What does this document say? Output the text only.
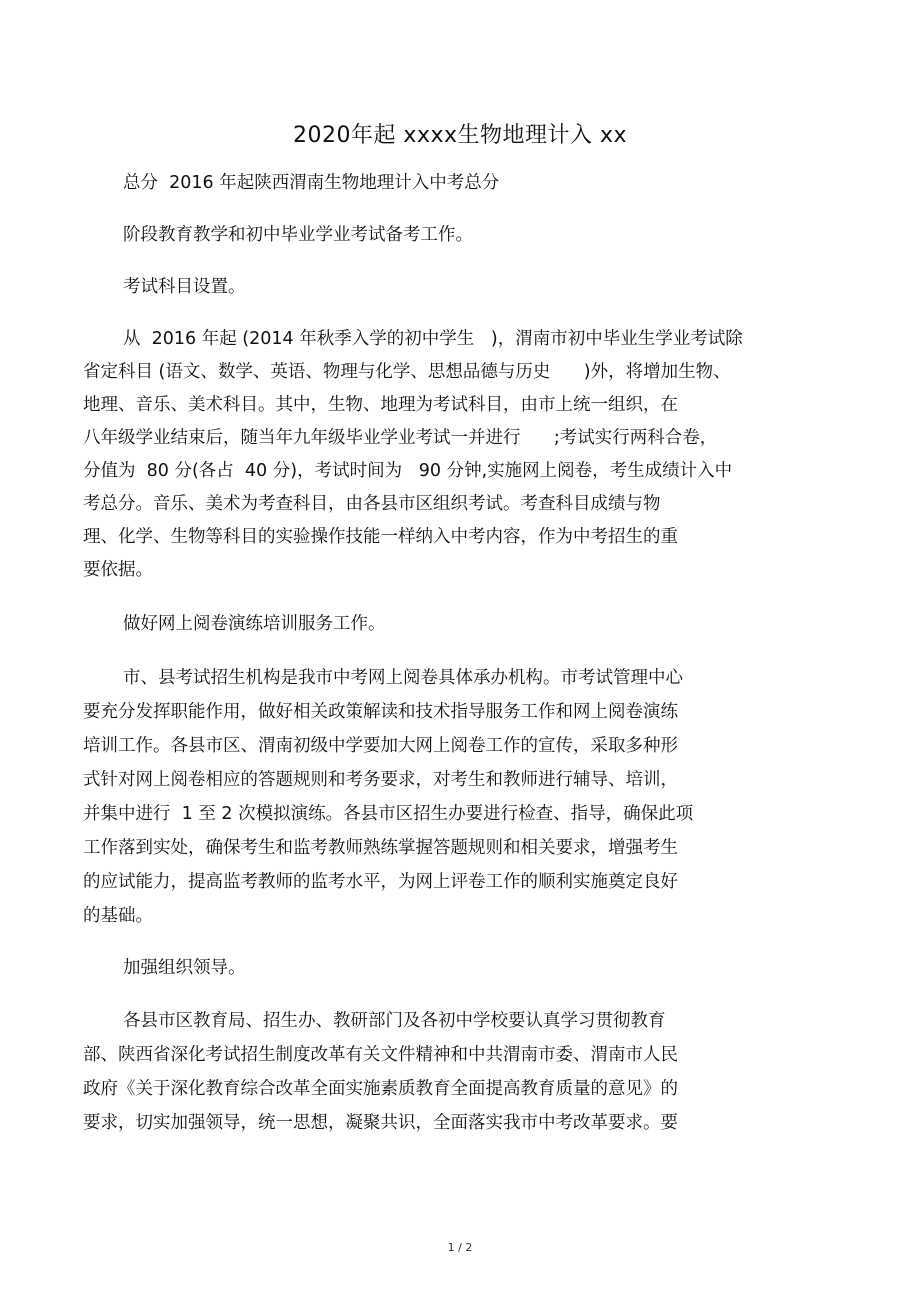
2020年起 xxxx生物地理计入 xx

总分  2016 年起陕西渭南生物地理计入中考总分

阶段教育教学和初中毕业学业考试备考工作。

考试科目设置。

从  2016 年起 (2014 年秋季入学的初中学生   )，渭南市初中毕业生学业考试除

省定科目 (语文、数学、英语、物理与化学、思想品德与历史      )外，将增加生物、

地理、音乐、美术科目。其中，生物、地理为考试科目，由市上统一组织，在

八年级学业结束后，随当年九年级毕业学业考试一并进行      ;考试实行两科合卷，

分值为  80 分(各占  40 分)，考试时间为   90 分钟,实施网上阅卷，考生成绩计入中

考总分。音乐、美术为考查科目，由各县市区组织考试。考查科目成绩与物

理、化学、生物等科目的实验操作技能一样纳入中考内容，作为中考招生的重

要依据。

做好网上阅卷演练培训服务工作。

市、县考试招生机构是我市中考网上阅卷具体承办机构。市考试管理中心

要充分发挥职能作用，做好相关政策解读和技术指导服务工作和网上阅卷演练

培训工作。各县市区、渭南初级中学要加大网上阅卷工作的宣传，采取多种形

式针对网上阅卷相应的答题规则和考务要求，对考生和教师进行辅导、培训，

并集中进行  1 至 2 次模拟演练。各县市区招生办要进行检查、指导，确保此项

工作落到实处，确保考生和监考教师熟练掌握答题规则和相关要求，增强考生

的应试能力，提高监考教师的监考水平，为网上评卷工作的顺利实施奠定良好

的基础。

加强组织领导。

各县市区教育局、招生办、教研部门及各初中学校要认真学习贯彻教育

部、陕西省深化考试招生制度改革有关文件精神和中共渭南市委、渭南市人民

政府《关于深化教育综合改革全面实施素质教育全面提高教育质量的意见》的

要求，切实加强领导，统一思想，凝聚共识，全面落实我市中考改革要求。要

1 / 2
